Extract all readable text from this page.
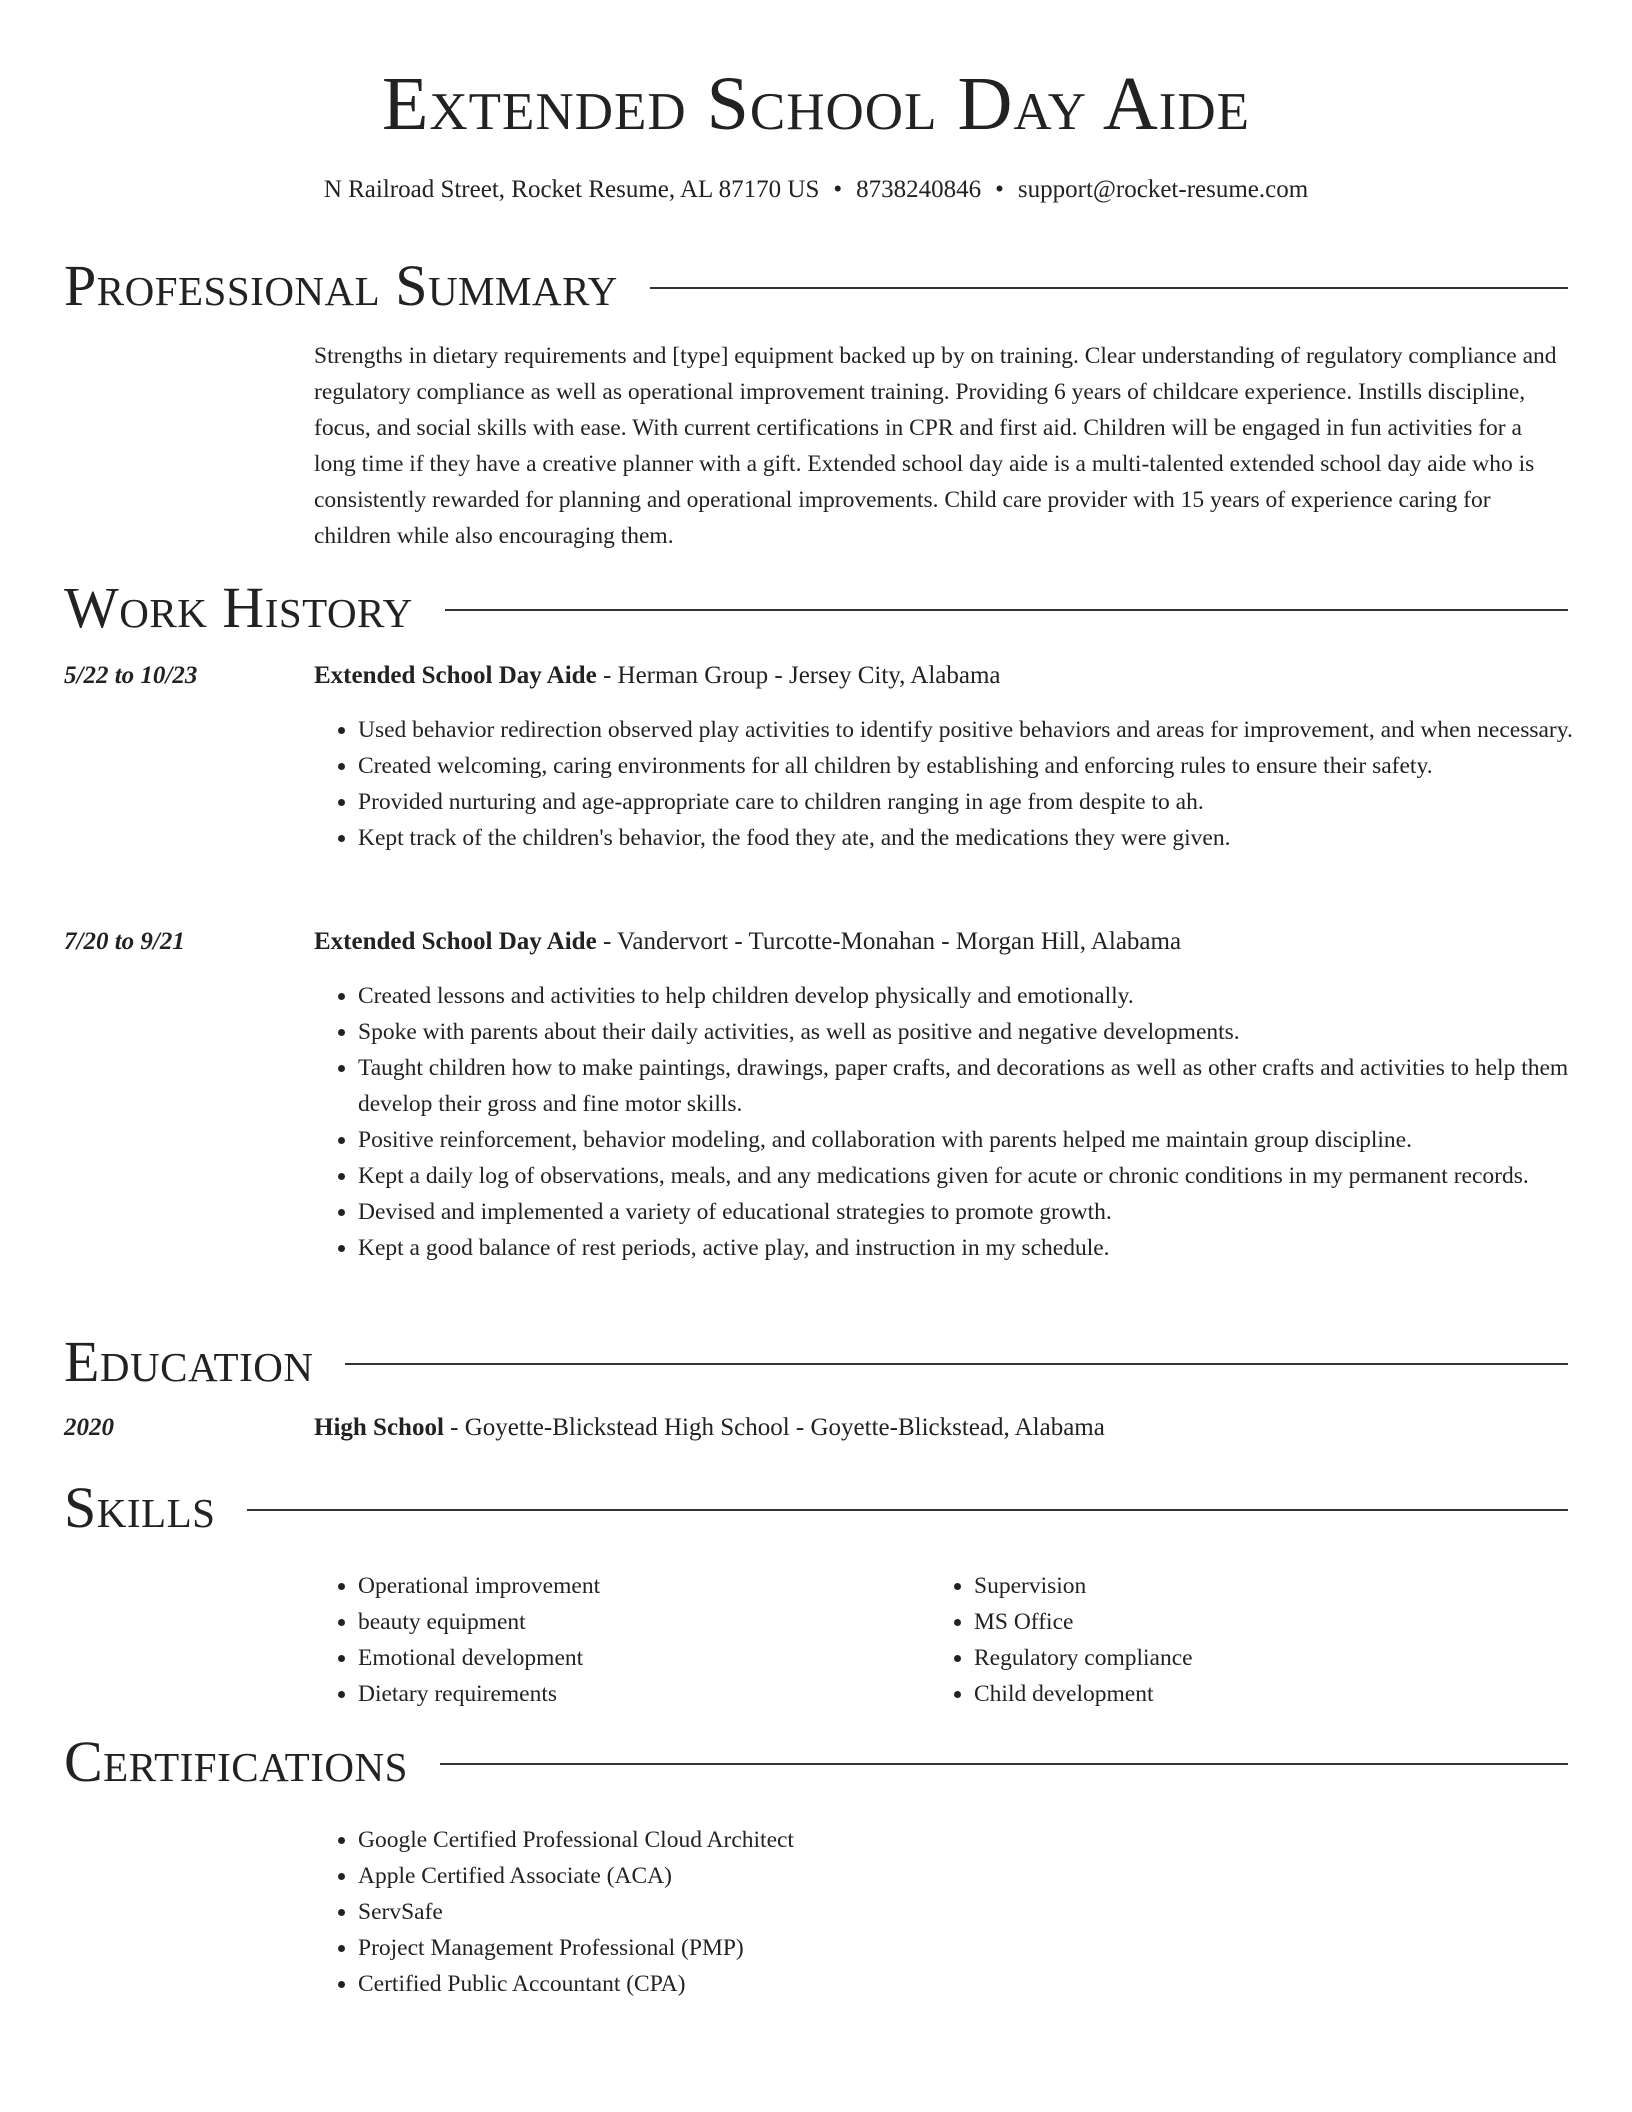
Extended School Day Aide
N Railroad Street, Rocket Resume, AL 87170 US • 8738240846 • support@rocket-resume.com
Professional Summary
Strengths in dietary requirements and [type] equipment backed up by on training. Clear understanding of regulatory compliance and regulatory compliance as well as operational improvement training. Providing 6 years of childcare experience. Instills discipline, focus, and social skills with ease. With current certifications in CPR and first aid. Children will be engaged in fun activities for a long time if they have a creative planner with a gift. Extended school day aide is a multi-talented extended school day aide who is consistently rewarded for planning and operational improvements. Child care provider with 15 years of experience caring for children while also encouraging them.
Work History
5/22 to 10/23	Extended School Day Aide - Herman Group - Jersey City, Alabama
• Used behavior redirection observed play activities to identify positive behaviors and areas for improvement, and when necessary.
• Created welcoming, caring environments for all children by establishing and enforcing rules to ensure their safety.
• Provided nurturing and age-appropriate care to children ranging in age from despite to ah.
• Kept track of the children's behavior, the food they ate, and the medications they were given.
7/20 to 9/21	Extended School Day Aide - Vandervort - Turcotte-Monahan - Morgan Hill, Alabama
• Created lessons and activities to help children develop physically and emotionally.
• Spoke with parents about their daily activities, as well as positive and negative developments.
• Taught children how to make paintings, drawings, paper crafts, and decorations as well as other crafts and activities to help them develop their gross and fine motor skills.
• Positive reinforcement, behavior modeling, and collaboration with parents helped me maintain group discipline.
• Kept a daily log of observations, meals, and any medications given for acute or chronic conditions in my permanent records.
• Devised and implemented a variety of educational strategies to promote growth.
• Kept a good balance of rest periods, active play, and instruction in my schedule.
Education
2020	High School - Goyette-Blickstead High School - Goyette-Blickstead, Alabama
Skills
• Operational improvement
• beauty equipment
• Emotional development
• Dietary requirements
• Supervision
• MS Office
• Regulatory compliance
• Child development
Certifications
• Google Certified Professional Cloud Architect
• Apple Certified Associate (ACA)
• ServSafe
• Project Management Professional (PMP)
• Certified Public Accountant (CPA)
